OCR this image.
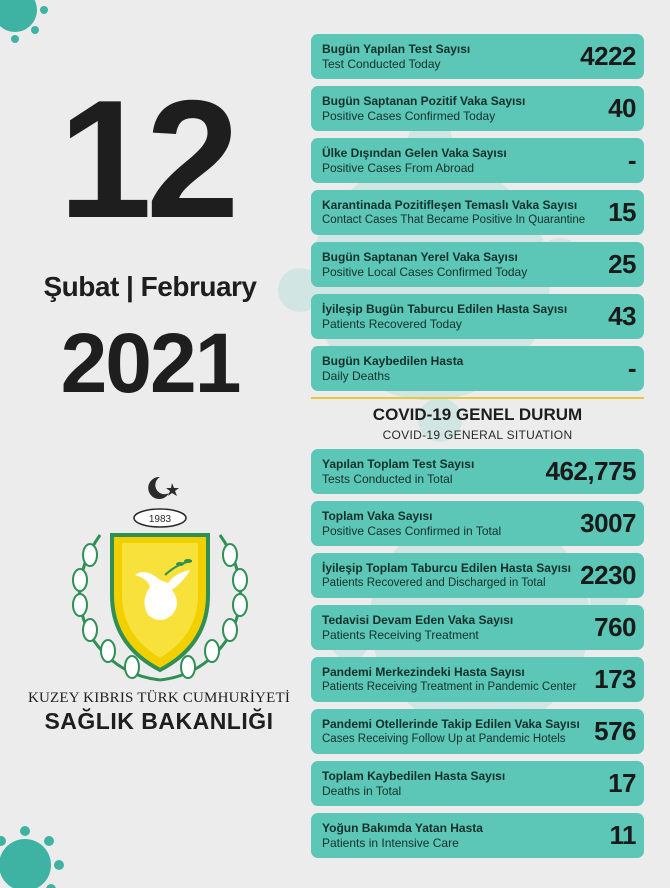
12
Şubat | February
2021
1983
KUZEY KIBRIS TÜRK CUMHURİYETİ
SAĞLIK BAKANLIĞI
Bugün Yapılan Test Sayısı
Test Conducted Today	4222
Bugün Saptanan Pozitif Vaka Sayısı
Positive Cases Confirmed Today	40
Ülke Dışından Gelen Vaka Sayısı
Positive Cases From Abroad	-
Karantinada Pozitifleşen Temaslı Vaka Sayısı
Contact Cases That Became Positive In Quarantine 15
Bugün Saptanan Yerel Vaka Sayısı
Positive Local Cases Confirmed Today	25
İyileşip Bugün Taburcu Edilen Hasta Sayısı
Patients Recovered Today	43
Bugün Kaybedilen Hasta
Daily Deaths	-
COVID-19 GENEL DURUM
COVID-19 GENERAL SITUATION
Yapılan Toplam Test Sayısı
Tests Conducted in Total	462,775
Toplam Vaka Sayısı
Positive Cases Confirmed in Total	3007
İyileşip Toplam Taburcu Edilen Hasta Sayısı
Patients Recovered and Discharged in Total	2230
Tedavisi Devam Eden Vaka Sayısı
Patients Receiving Treatment	760
Pandemi Merkezindeki Hasta Sayısı
Patients Receiving Treatment in Pandemic Center 173
Pandemi Otellerinde Takip Edilen Vaka Sayısı
Cases Receiving Follow Up at Pandemic Hotels	576
Toplam Kaybedilen Hasta Sayısı
Deaths in Total	17
Yoğun Bakımda Yatan Hasta
Patients in Intensive Care	11
